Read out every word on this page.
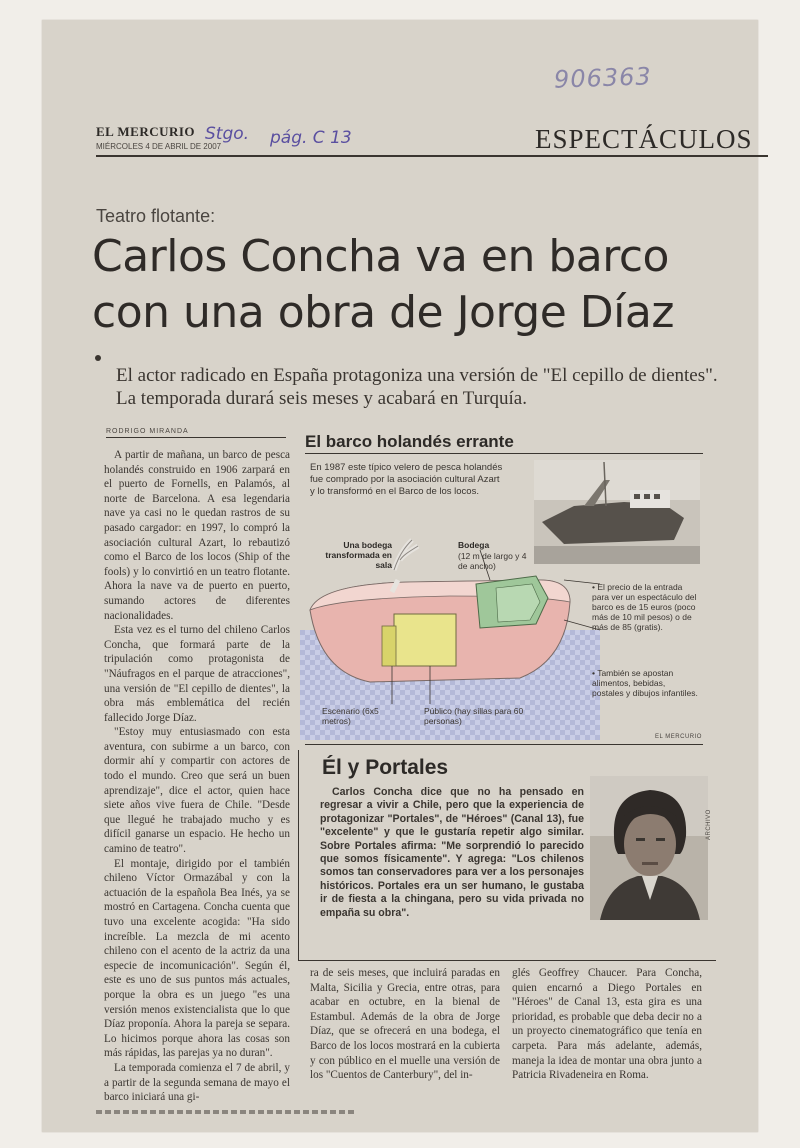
906363
Stgo. pág. C 13
EL MERCURIO
MIÉRCOLES 4 DE ABRIL DE 2007	ESPECTÁCULOS
Teatro flotante:
Carlos Concha va en barco
con una obra de Jorge Díaz
El actor radicado en España protagoniza una versión de "El cepillo de dientes". La temporada durará seis meses y acabará en Turquía.
RODRIGO MIRANDA

A partir de mañana, un barco de pesca holandés construido en 1906 zarpará en el puerto de Fornells, en Palamós, al norte de Barcelona. A esa legendaria nave ya casi no le quedan rastros de su pasado cargador: en 1997, lo compró la asociación cultural Azart, lo rebautizó como el Barco de los locos (Ship of the fools) y lo convirtió en un teatro flotante. Ahora la nave va de puerto en puerto, sumando actores de diferentes nacionalidades.

Esta vez es el turno del chileno Carlos Concha, que formará parte de la tripulación como protagonista de "Náufragos en el parque de atracciones", una versión de "El cepillo de dientes", la obra más emblemática del recién fallecido Jorge Díaz.

"Estoy muy entusiasmado con esta aventura, con subirme a un barco, con dormir ahí y compartir con actores de todo el mundo. Creo que será un buen aprendizaje", dice el actor, quien hace siete años vive fuera de Chile. "Desde que llegué he trabajado mucho y es difícil ganarse un espacio. He hecho un camino de teatro".

El montaje, dirigido por el también chileno Víctor Ormazábal y con la actuación de la española Bea Inés, ya se mostró en Cartagena. Concha cuenta que tuvo una excelente acogida: "Ha sido increíble. La mezcla de mi acento chileno con el acento de la actriz da una especie de incomunicación". Según él, este es uno de sus puntos más actuales, porque la obra es un juego "es una versión menos existencialista que lo que Díaz proponía. Ahora la pareja se separa. Lo hicimos porque ahora las cosas son más rápidas, las parejas ya no duran".

La temporada comienza el 7 de abril, y a partir de la segunda semana de mayo el barco iniciará una gi-

El barco holandés errante
En 1987 este típico velero de pesca holandés fue comprado por la asociación cultural Azart y lo transformó en el Barco de los locos.
Una bodega transformada en sala
Bodega
(12 m de largo y 4 de ancho)
Escenario (6x5 metros)
Público (hay sillas para 60 personas)
• El precio de la entrada para ver un espectáculo del barco es de 15 euros (poco más de 10 mil pesos) o de más de 85 (gratis).
• También se apostan alimentos, bebidas, postales y dibujos infantiles.
EL MERCURIO
Él y Portales
Carlos Concha dice que no ha pensado en regresar a vivir a Chile, pero que la experiencia de protagonizar "Portales", de "Héroes" (Canal 13), fue "excelente" y que le gustaría repetir algo similar. Sobre Portales afirma: "Me sorprendió lo parecido que somos físicamente". Y agrega: "Los chilenos somos tan conservadores para ver a los personajes históricos. Portales era un ser humano, le gustaba ir de fiesta a la chingana, pero su vida privada no empaña su obra".
ARCHIVO

ra de seis meses, que incluirá paradas en Malta, Sicilia y Grecia, entre otras, para acabar en octubre, en la bienal de Estambul. Además de la obra de Jorge Díaz, que se ofrecerá en una bodega, el Barco de los locos mostrará en la cubierta y con público en el muelle una versión de los "Cuentos de Canterbury", del in-

glés Geoffrey Chaucer. Para Concha, quien encarnó a Diego Portales en "Héroes" de Canal 13, esta gira es una prioridad, es probable que deba decir no a un proyecto cinematográfico que tenía en carpeta. Para más adelante, además, maneja la idea de montar una obra junto a Patricia Rivadeneira en Roma.
